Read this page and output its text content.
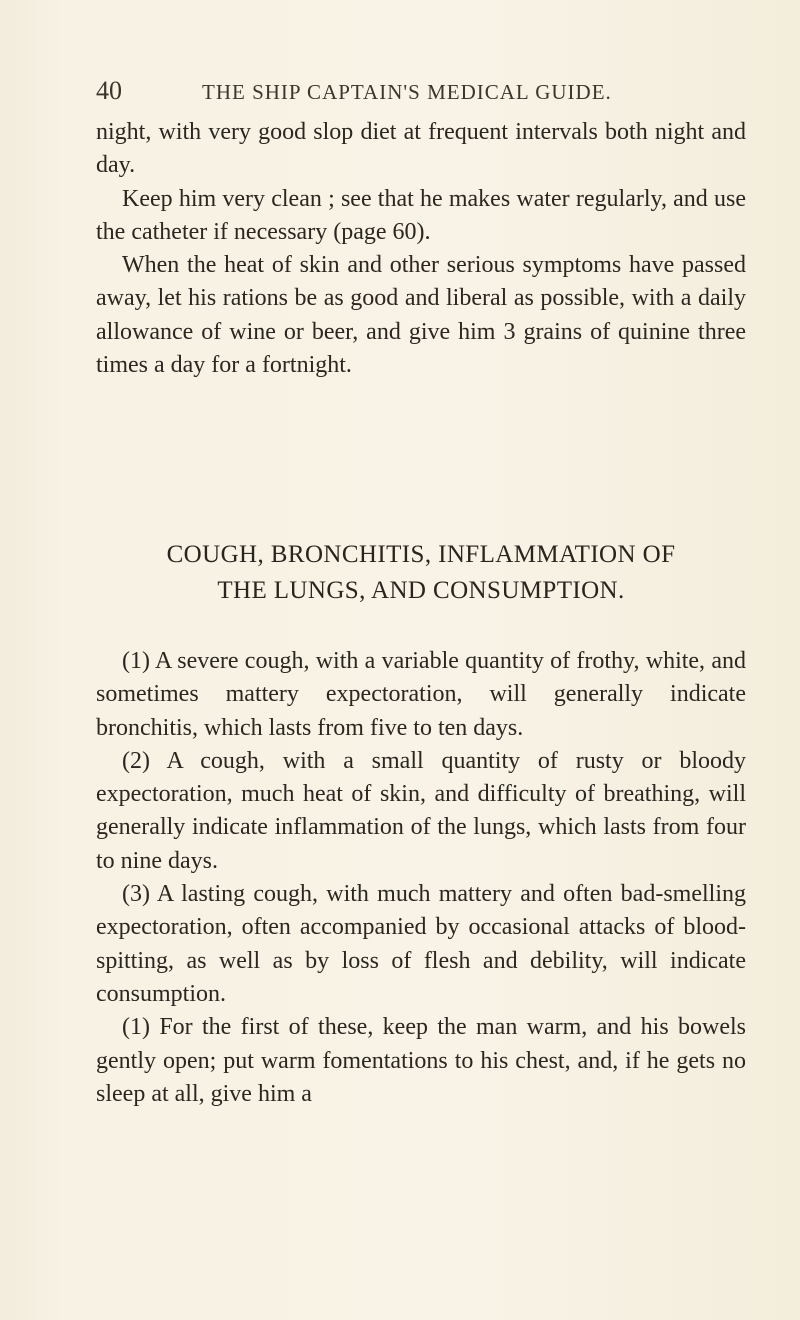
40	THE SHIP CAPTAIN'S MEDICAL GUIDE.

night, with very good slop diet at frequent intervals both night and day.

Keep him very clean ; see that he makes water regularly, and use the catheter if necessary (page 60).

When the heat of skin and other serious symptoms have passed away, let his rations be as good and liberal as possible, with a daily allowance of wine or beer, and give him 3 grains of quinine three times a day for a fortnight.

COUGH, BRONCHITIS, INFLAMMATION OF
THE LUNGS, AND CONSUMPTION.

(1) A severe cough, with a variable quantity of frothy, white, and sometimes mattery expectoration, will generally indicate bronchitis, which lasts from five to ten days.

(2) A cough, with a small quantity of rusty or bloody expectoration, much heat of skin, and difficulty of breathing, will generally indicate inflammation of the lungs, which lasts from four to nine days.

(3) A lasting cough, with much mattery and often bad-smelling expectoration, often accompanied by occasional attacks of blood-spitting, as well as by loss of flesh and debility, will indicate consumption.

(1) For the first of these, keep the man warm, and his bowels gently open; put warm fomentations to his chest, and, if he gets no sleep at all, give him a
